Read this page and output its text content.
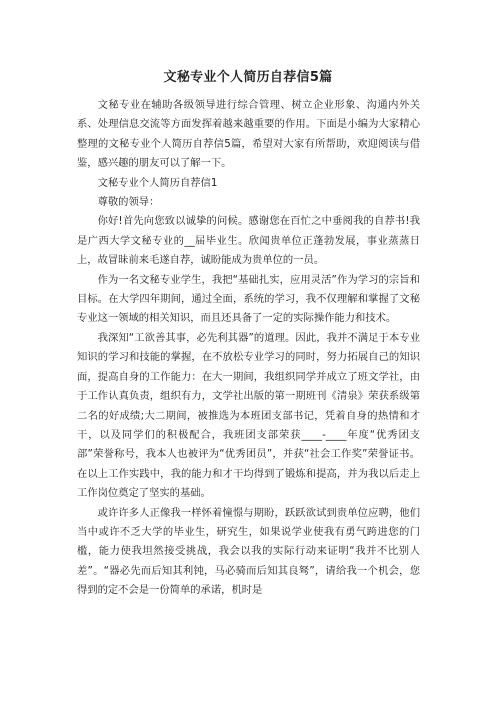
文秘专业个人简历自荐信5篇

文秘专业在辅助各级领导进行综合管理、树立企业形象、沟通内外关系、处理信息交流等方面发挥着越来越重要的作用。下面是小编为大家精心整理的文秘专业个人简历自荐信5篇，希望对大家有所帮助，欢迎阅读与借鉴，感兴趣的朋友可以了解一下。

文秘专业个人简历自荐信1

尊敬的领导：

你好!首先向您致以诚挚的问候。感谢您在百忙之中垂阅我的自荐书!我是广西大学文秘专业的__届毕业生。欣闻贵单位正蓬勃发展，事业蒸蒸日上，故冒昧前来毛遂自荐，诚盼能成为贵单位的一员。

作为一名文秘专业学生，我把“基础扎实，应用灵活”作为学习的宗旨和目标。在大学四年期间，通过全面，系统的学习，我不仅理解和掌握了文秘专业这一领域的相关知识，而且还具备了一定的实际操作能力和技术。

我深知“工欲善其事，必先利其器”的道理。因此，我并不满足于本专业知识的学习和技能的掌握，在不放松专业学习的同时，努力拓展自己的知识面，提高自身的工作能力：在大一期间，我组织同学并成立了班文学社，由于工作认真负责，组织有力，文学社出版的第一期班刊《清泉》荣获系级第二名的好成绩;大二期间，被推选为本班团支部书记，凭着自身的热情和才干，以及同学们的积极配合，我班团支部荣获____-____年度“优秀团支部”荣誉称号，我本人也被评为“优秀团员”，并获“社会工作奖”荣誉证书。在以上工作实践中，我的能力和才干均得到了锻炼和提高，并为我以后走上工作岗位奠定了坚实的基础。

或许许多人正像我一样怀着憧憬与期盼，跃跃欲试到贵单位应聘，他们当中或许不乏大学的毕业生，研究生，如果说学业使我有勇气跨进您的门槛，能力使我坦然接受挑战，我会以我的实际行动来证明“我并不比别人差”。“器必先而后知其利钝，马必骑而后知其良驽”，请给我一个机会，您得到的定不会是一份简单的承诺，机时是
